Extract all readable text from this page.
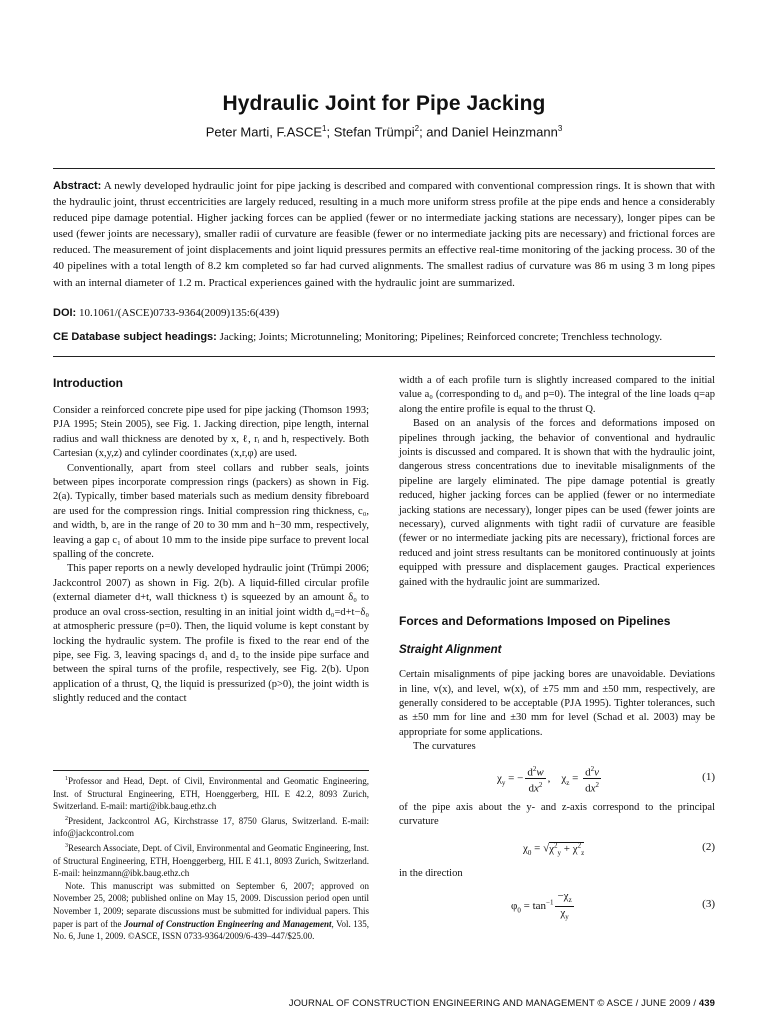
Hydraulic Joint for Pipe Jacking
Peter Marti, F.ASCE$^1$; Stefan Trümpi$^2$; and Daniel Heinzmann$^3$
Abstract: A newly developed hydraulic joint for pipe jacking is described and compared with conventional compression rings. It is shown that with the hydraulic joint, thrust eccentricities are largely reduced, resulting in a much more uniform stress profile at the pipe ends and hence a considerably reduced pipe damage potential. Higher jacking forces can be applied (fewer or no intermediate jacking stations are necessary), longer pipes can be used (fewer joints are necessary), smaller radii of curvature are feasible (fewer or no intermediate jacking pits are necessary) and frictional forces are reduced. The measurement of joint displacements and joint liquid pressures permits an effective real-time monitoring of the jacking process. 30 of the 40 pipelines with a total length of 8.2 km completed so far had curved alignments. The smallest radius of curvature was 86 m using 3 m long pipes with an internal diameter of 1.2 m. Practical experiences gained with the hydraulic joint are summarized.
DOI: 10.1061/(ASCE)0733-9364(2009)135:6(439)
CE Database subject headings: Jacking; Joints; Microtunneling; Monitoring; Pipelines; Reinforced concrete; Trenchless technology.
Introduction

Consider a reinforced concrete pipe used for pipe jacking (Thomson 1993; PJA 1995; Stein 2005), see Fig. 1. Jacking direction, pipe length, internal radius and wall thickness are denoted by x, ℓ, rᵢ and h, respectively. Both Cartesian (x,y,z) and cylinder coordinates (x,r,φ) are used.

Conventionally, apart from steel collars and rubber seals, joints between pipes incorporate compression rings (packers) as shown in Fig. 2(a). Typically, timber based materials such as medium density fibreboard are used for the compression rings. Initial compression ring thickness, c₀, and width, b, are in the range of 20 to 30 mm and h−30 mm, respectively, leaving a gap c₁ of about 10 mm to the inside pipe surface to prevent local spalling of the concrete.

This paper reports on a newly developed hydraulic joint (Trümpi 2006; Jackcontrol 2007) as shown in Fig. 2(b). A liquid-filled circular profile (external diameter d+t, wall thickness t) is squeezed by an amount δ₀ to produce an oval cross-section, resulting in an initial joint width d₀=d+t−δ₀ at atmospheric pressure (p=0). Then, the liquid volume is kept constant by locking the hydraulic system. The profile is fixed to the rear end of the pipe, see Fig. 3, leaving spacings d₁ and d₂ to the inside pipe surface and between the spiral turns of the profile, respectively, see Fig. 2(b). Upon application of a thrust, Q, the liquid is pressurized (p>0), the joint width is slightly reduced and the contact

$^1$Professor and Head, Dept. of Civil, Environmental and Geomatic Engineering, Inst. of Structural Engineering, ETH, Hoenggerberg, HIL E 42.2, 8093 Zurich, Switzerland. E-mail: marti@ibk.baug.ethz.ch

$^2$President, Jackcontrol AG, Kirchstrasse 17, 8750 Glarus, Switzerland. E-mail: info@jackcontrol.com

$^3$Research Associate, Dept. of Civil, Environmental and Geomatic Engineering, Inst. of Structural Engineering, ETH, Hoenggerberg, HIL E 41.1, 8093 Zurich, Switzerland. E-mail: heinzmann@ibk.baug.ethz.ch

Note. This manuscript was submitted on September 6, 2007; approved on November 25, 2008; published online on May 15, 2009. Discussion period open until November 1, 2009; separate discussions must be submitted for individual papers. This paper is part of the Journal of Construction Engineering and Management, Vol. 135, No. 6, June 1, 2009. ©ASCE, ISSN 0733-9364/2009/6-439–447/$25.00.

width a of each profile turn is slightly increased compared to the initial value a₀ (corresponding to d₀ and p=0). The integral of the line loads q=ap along the entire profile is equal to the thrust Q.

Based on an analysis of the forces and deformations imposed on pipelines through jacking, the behavior of conventional and hydraulic joints is discussed and compared. It is shown that with the hydraulic joint, dangerous stress concentrations due to inevitable misalignments of the pipeline are largely eliminated. The pipe damage potential is greatly reduced, higher jacking forces can be applied (fewer or no intermediate jacking stations are necessary), longer pipes can be used (fewer joints are necessary), curved alignments with tight radii of curvature are feasible (fewer or no intermediate jacking pits are necessary), frictional forces are reduced and joint stress resultants can be monitored continuously at joints equipped with pressure and displacement gauges. Practical experiences gained with the hydraulic joint are summarized.

Forces and Deformations Imposed on Pipelines
Straight Alignment

Certain misalignments of pipe jacking bores are unavoidable. Deviations in line, v(x), and level, w(x), of ±75 mm and ±50 mm, respectively, are generally considered to be acceptable (PJA 1995). Tighter tolerances, such as ±50 mm for line and ±30 mm for level (Schad et al. 2003) may be appropriate for some applications.

The curvatures

$\chi_y$ = − $\frac{d^2w}{dx^2}$ ,    $\chi_z = \frac{d^2v}{dx^2}$	(1)

of the pipe axis about the y- and z-axis correspond to the principal curvature

$\chi_0 = √\chi^2_y + \chi^2_z$	(2)

in the direction

$\varphi_0 = \tan^{-1} \frac{-\chi_z}{\chi_y}$	(3)
JOURNAL OF CONSTRUCTION ENGINEERING AND MANAGEMENT © ASCE / JUNE 2009 / 439
